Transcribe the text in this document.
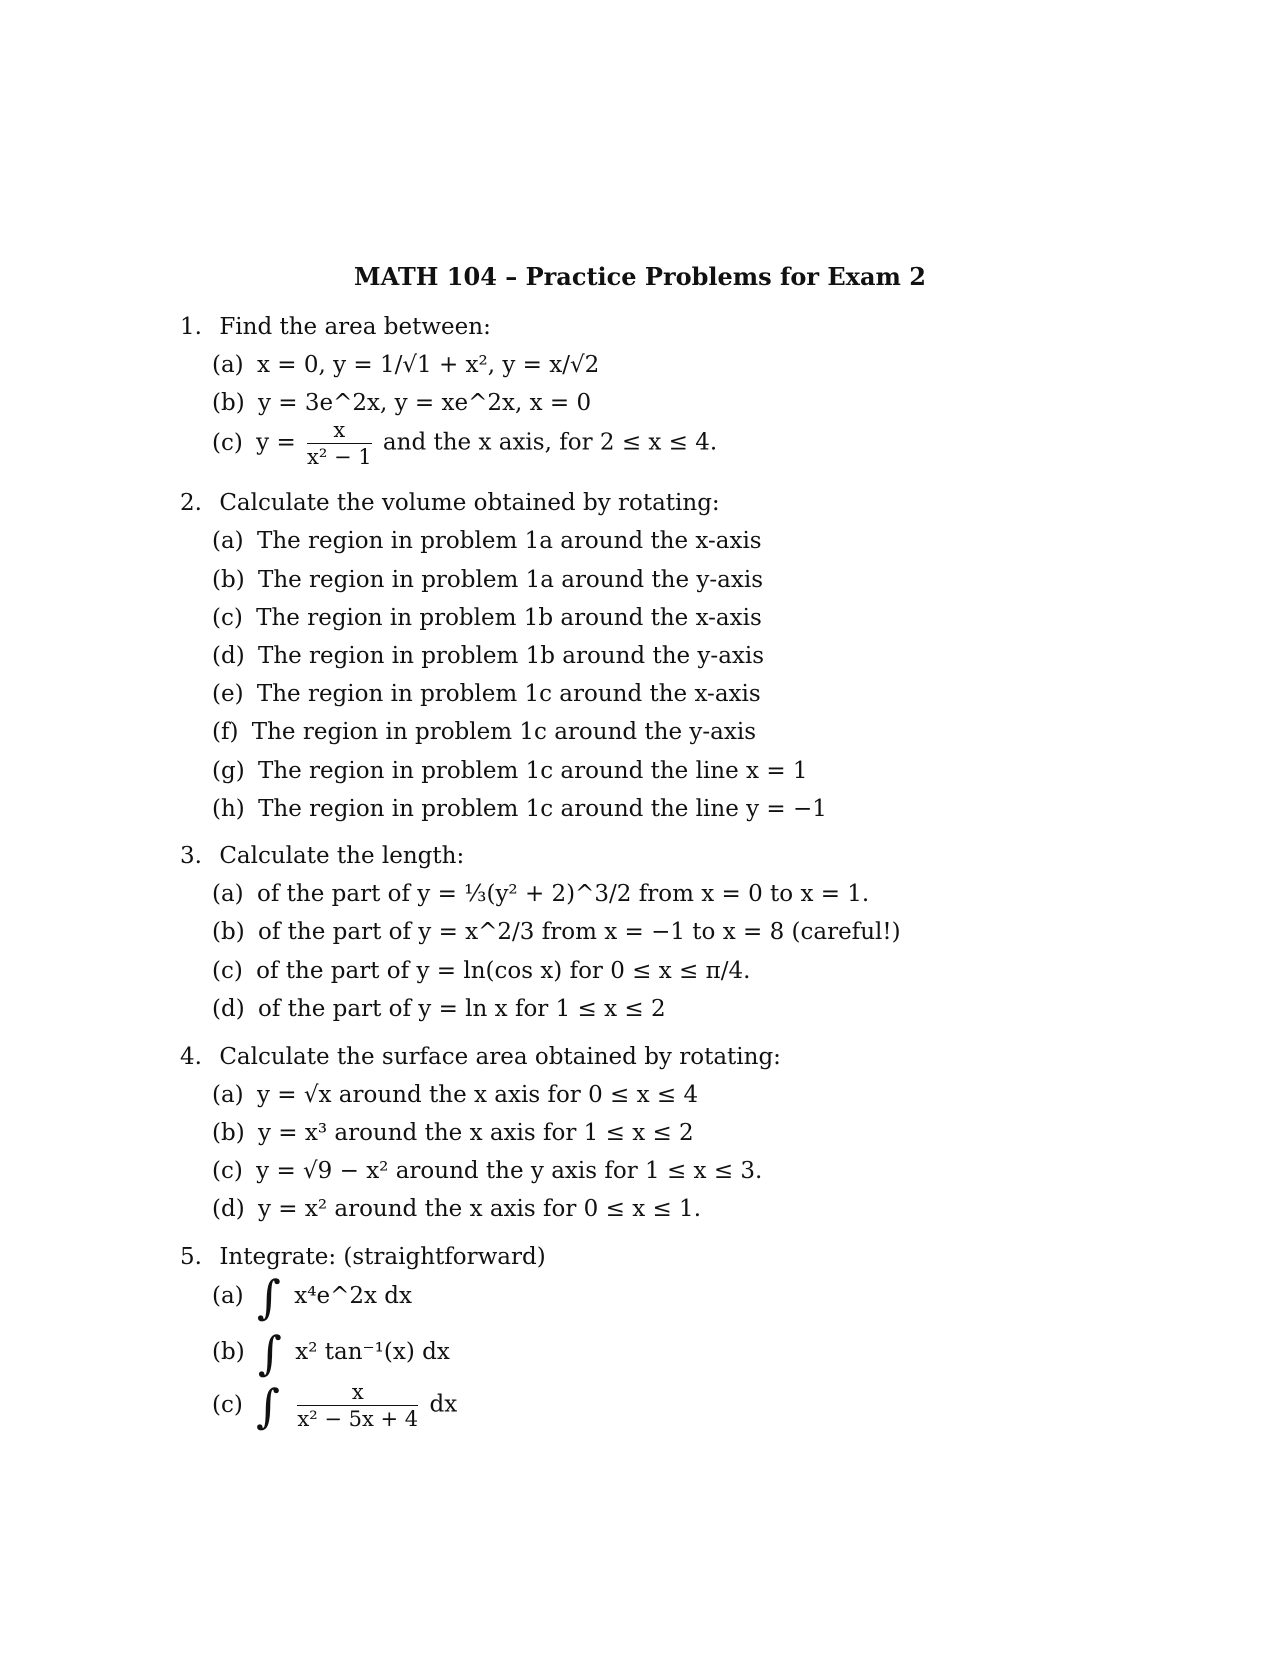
MATH 104 – Practice Problems for Exam 2
1. Find the area between:
(a) x = 0, y = 1/√1 + x², y = x/√2
(b) y = 3e^2x, y = xe^2x, x = 0
(c) $y = \frac{x}{\text{x² − 1}}$ and the x axis, for 2 ≤ x ≤ 4.
2. Calculate the volume obtained by rotating:
(a) The region in problem 1a around the x-axis
(b) The region in problem 1a around the y-axis
(c) The region in problem 1b around the x-axis
(d) The region in problem 1b around the y-axis
(e) The region in problem 1c around the x-axis
(f) The region in problem 1c around the y-axis
(g) The region in problem 1c around the line x = 1
(h) The region in problem 1c around the line y = −1
3. Calculate the length:
(a) of the part of y = ⅓(y² + 2)^3/2 from x = 0 to x = 1.
(b) of the part of y = x^2/3 from x = −1 to x = 8 (careful!)
(c) of the part of y = ln(cos x) for 0 ≤ x ≤ π/4.
(d) of the part of y = ln x for 1 ≤ x ≤ 2
4. Calculate the surface area obtained by rotating:
(a) y = √x around the x axis for 0 ≤ x ≤ 4
(b) y = x³ around the x axis for 1 ≤ x ≤ 2
(c) y = √9 − x² around the y axis for 1 ≤ x ≤ 3.
(d) y = x² around the x axis for 0 ≤ x ≤ 1.
5. Integrate: (straightforward)
(a) ∫ x⁴e^2x dx
(b) ∫ x² tan⁻¹(x) dx
(c) ∫ $\frac{x}{\text{x² − 5x + 4}}$ dx
